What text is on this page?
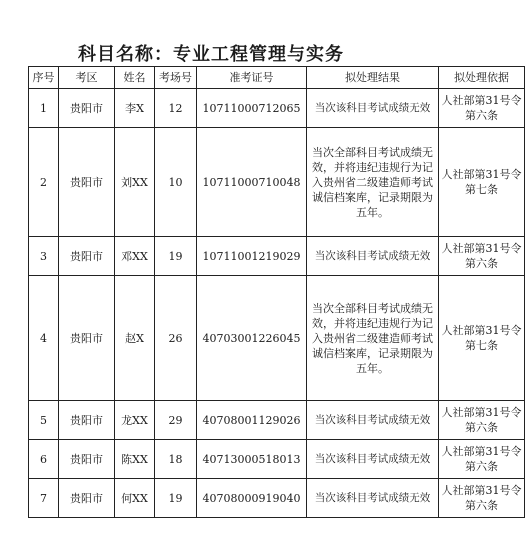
科目名称：专业工程管理与实务
序号	考区	姓名	考场号	准考证号	拟处理结果	拟处理依据
1	贵阳市	李X	12	10711000712065	当次该科目考试成绩无效	人社部第31号令第六条
2	贵阳市	刘XX	10	10711000710048	当次全部科目考试成绩无效，并将违纪违规行为记入贵州省二级建造师考试诚信档案库，记录期限为五年。	人社部第31号令第七条
3	贵阳市	邓XX	19	10711001219029	当次该科目考试成绩无效	人社部第31号令第六条
4	贵阳市	赵X	26	40703001226045	当次全部科目考试成绩无效，并将违纪违规行为记入贵州省二级建造师考试诚信档案库，记录期限为五年。	人社部第31号令第七条
5	贵阳市	龙XX	29	40708001129026	当次该科目考试成绩无效	人社部第31号令第六条
6	贵阳市	陈XX	18	40713000518013	当次该科目考试成绩无效	人社部第31号令第六条
7	贵阳市	何XX	19	40708000919040	当次该科目考试成绩无效	人社部第31号令第六条
